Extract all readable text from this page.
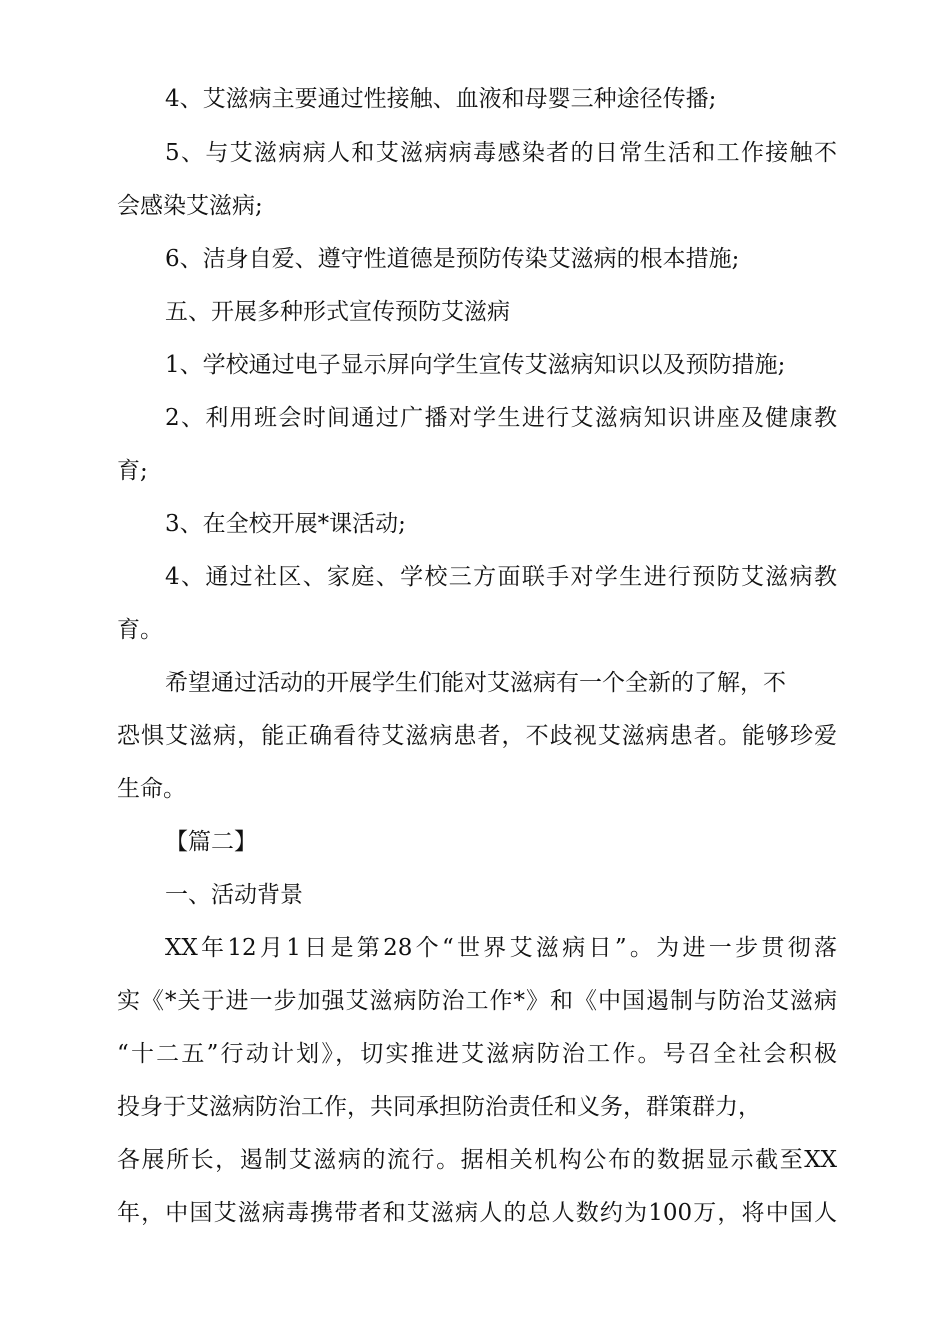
4、艾滋病主要通过性接触、血液和母婴三种途径传播;
5、与艾滋病病人和艾滋病病毒感染者的日常生活和工作接触不
会感染艾滋病;
6、洁身自爱、遵守性道德是预防传染艾滋病的根本措施;
五、开展多种形式宣传预防艾滋病
1、学校通过电子显示屏向学生宣传艾滋病知识以及预防措施;
2、利用班会时间通过广播对学生进行艾滋病知识讲座及健康教
育;
3、在全校开展*课活动;
4、通过社区、家庭、学校三方面联手对学生进行预防艾滋病教
育。
希望通过活动的开展学生们能对艾滋病有一个全新的了解，不
恐惧艾滋病，能正确看待艾滋病患者，不歧视艾滋病患者。能够珍爱
生命。
【篇二】
一、活动背景
XX年12月1日是第28个“世界艾滋病日”。为进一步贯彻落
实《*关于进一步加强艾滋病防治工作*》和《中国遏制与防治艾滋病
“十二五”行动计划》，切实推进艾滋病防治工作。号召全社会积极
投身于艾滋病防治工作，共同承担防治责任和义务，群策群力，
各展所长，遏制艾滋病的流行。据相关机构公布的数据显示截至XX
年，中国艾滋病毒携带者和艾滋病人的总人数约为100万，将中国人
